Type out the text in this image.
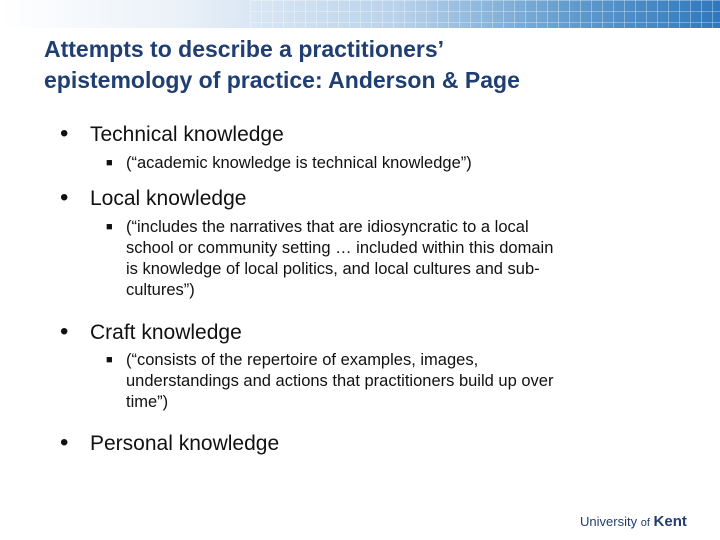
Attempts to describe a practitioners’
epistemology of practice: Anderson & Page
• Technical knowledge
■ (“academic knowledge is technical knowledge”)
• Local knowledge
■ (“includes the narratives that are idiosyncratic to a local
school or community setting … included within this domain
is knowledge of local politics, and local cultures and sub-
cultures”)
• Craft knowledge
■ (“consists of the repertoire of examples, images,
understandings and actions that practitioners build up over
time”)
• Personal knowledge
University of Kent
